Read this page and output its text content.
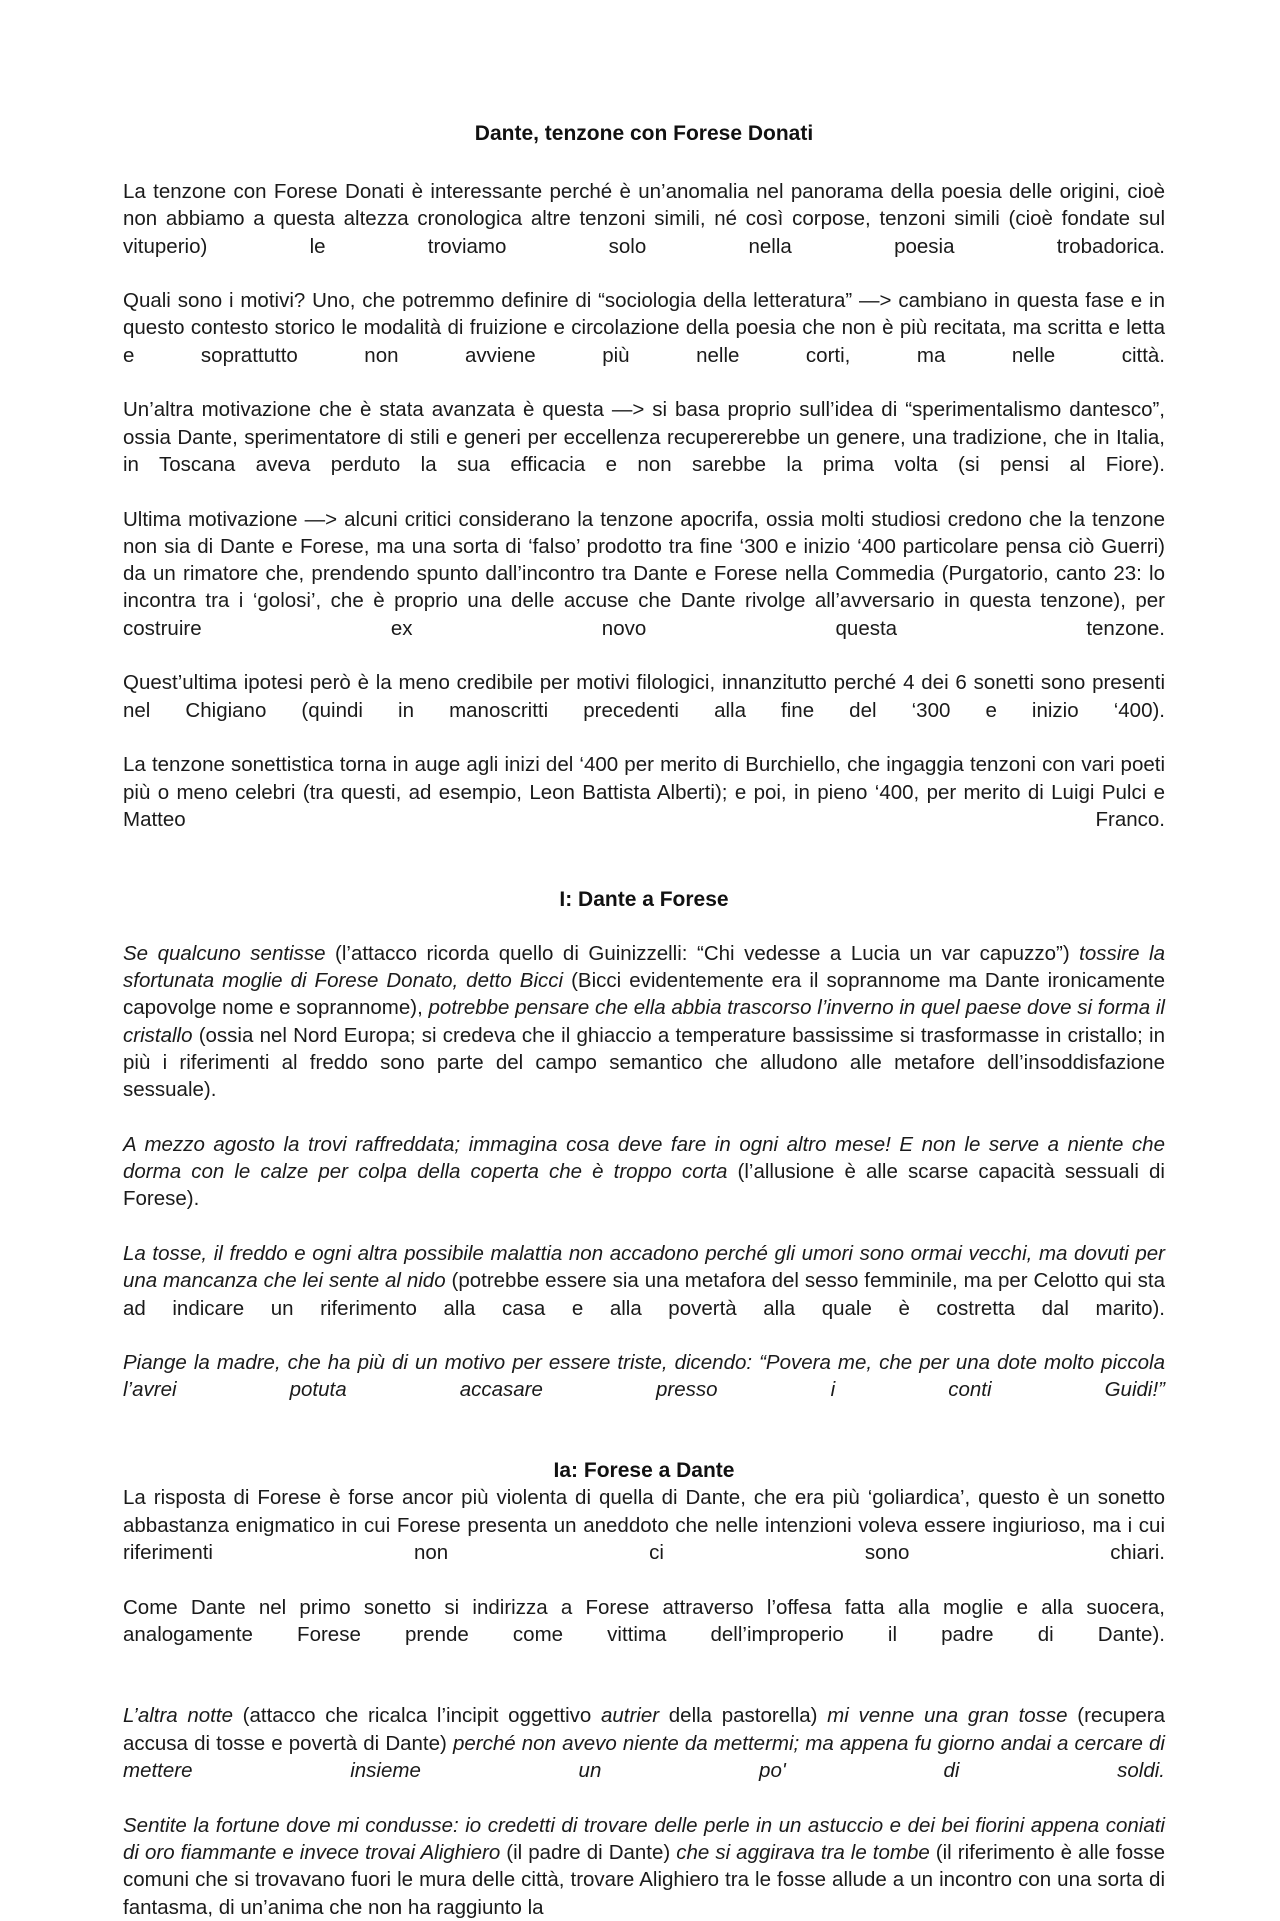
Dante, tenzone con Forese Donati

La tenzone con Forese Donati è interessante perché è un’anomalia nel panorama della poesia delle origini, cioè non abbiamo a questa altezza cronologica altre tenzoni simili, né così corpose, tenzoni simili (cioè fondate sul vituperio) le troviamo solo nella poesia trobadorica.

Quali sono i motivi? Uno, che potremmo definire di “sociologia della letteratura” —> cambiano in questa fase e in questo contesto storico le modalità di fruizione e circolazione della poesia che non è più recitata, ma scritta e letta e soprattutto non avviene più nelle corti, ma nelle città.

Un’altra motivazione che è stata avanzata è questa —> si basa proprio sull’idea di “sperimentalismo dantesco”, ossia Dante, sperimentatore di stili e generi per eccellenza recupererebbe un genere, una tradizione, che in Italia, in Toscana aveva perduto la sua efficacia e non sarebbe la prima volta (si pensi al Fiore).

Ultima motivazione —> alcuni critici considerano la tenzone apocrifa, ossia molti studiosi credono che la tenzone non sia di Dante e Forese, ma una sorta di ‘falso’ prodotto tra fine ‘300 e inizio ‘400 particolare pensa ciò Guerri) da un rimatore che, prendendo spunto dall’incontro tra Dante e Forese nella Commedia (Purgatorio, canto 23: lo incontra tra i ‘golosi’, che è proprio una delle accuse che Dante rivolge all’avversario in questa tenzone), per costruire ex novo questa tenzone.

Quest’ultima ipotesi però è la meno credibile per motivi filologici, innanzitutto perché 4 dei 6 sonetti sono presenti nel Chigiano (quindi in manoscritti precedenti alla fine del ‘300 e inizio ‘400).

La tenzone sonettistica torna in auge agli inizi del ‘400 per merito di Burchiello, che ingaggia tenzoni con vari poeti più o meno celebri (tra questi, ad esempio, Leon Battista Alberti); e poi, in pieno ‘400, per merito di Luigi Pulci e Matteo Franco.

I: Dante a Forese

Se qualcuno sentisse (l’attacco ricorda quello di Guinizzelli: “Chi vedesse a Lucia un var capuzzo”) tossire la sfortunata moglie di Forese Donato, detto Bicci (Bicci evidentemente era il soprannome ma Dante ironicamente capovolge nome e soprannome), potrebbe pensare che ella abbia trascorso l’inverno in quel paese dove si forma il cristallo (ossia nel Nord Europa; si credeva che il ghiaccio a temperature bassissime si trasformasse in cristallo; in più i riferimenti al freddo sono parte del campo semantico che alludono alle metafore dell’insoddisfazione sessuale).

A mezzo agosto la trovi raffreddata; immagina cosa deve fare in ogni altro mese! E non le serve a niente che dorma con le calze per colpa della coperta che è troppo corta (l’allusione è alle scarse capacità sessuali di Forese).

La tosse, il freddo e ogni altra possibile malattia non accadono perché gli umori sono ormai vecchi, ma dovuti per una mancanza che lei sente al nido (potrebbe essere sia una metafora del sesso femminile, ma per Celotto qui sta ad indicare un riferimento alla casa e alla povertà alla quale è costretta dal marito).

Piange la madre, che ha più di un motivo per essere triste, dicendo: “Povera me, che per una dote molto piccola l’avrei potuta accasare presso i conti Guidi!”

Ia: Forese a Dante

La risposta di Forese è forse ancor più violenta di quella di Dante, che era più ‘goliardica’, questo è un sonetto abbastanza enigmatico in cui Forese presenta un aneddoto che nelle intenzioni voleva essere ingiurioso, ma i cui riferimenti non ci sono chiari.

Come Dante nel primo sonetto si indirizza a Forese attraverso l’offesa fatta alla moglie e alla suocera, analogamente Forese prende come vittima dell’improperio il padre di Dante).

L’altra notte (attacco che ricalca l’incipit oggettivo autrier della pastorella) mi venne una gran tosse (recupera accusa di tosse e povertà di Dante) perché non avevo niente da mettermi; ma appena fu giorno andai a cercare di mettere insieme un po' di soldi.

Sentite la fortune dove mi condusse: io credetti di trovare delle perle in un astuccio e dei bei fiorini appena coniati di oro fiammante e invece trovai Alighiero (il padre di Dante) che si aggirava tra le tombe (il riferimento è alle fosse comuni che si trovavano fuori le mura delle città, trovare Alighiero tra le fosse allude a un incontro con una sorta di fantasma, di un’anima che non ha raggiunto la
